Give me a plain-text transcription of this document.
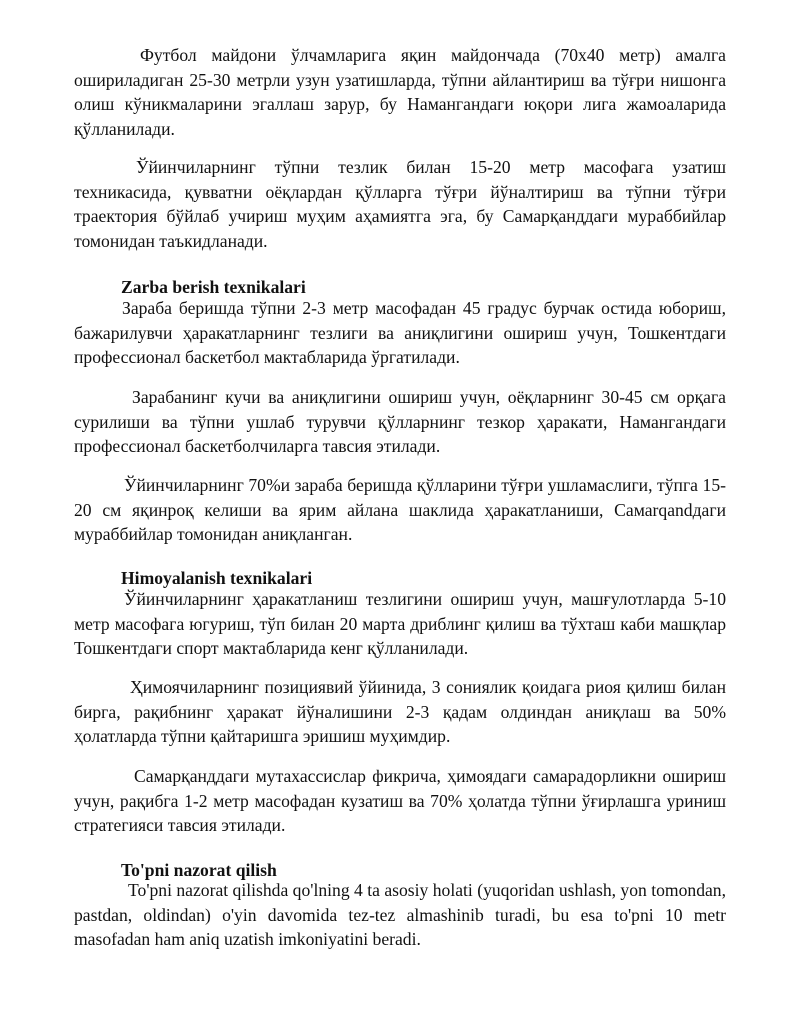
Футбол майдони ўлчамларига яқин майдончада (70х40 метр) амалга ошириладиган 25-30 метрли узун узатишларда, тўпни айлантириш ва тўғри нишонга олиш кўникмаларини эгаллаш зарур, бу Намангандаги юқори лига жамоаларида қўлланилади.

Ўйинчиларнинг тўпни тезлик билан 15-20 метр масофага узатиш техникасида, қувватни оёқлардан қўлларга тўғри йўналтириш ва тўпни тўғри траектория бўйлаб учириш муҳим аҳамиятга эга, бу Самарқанддаги мураббийлар томонидан таъкидланади.

Zarba berish texnikalari

Зараба беришда тўпни 2-3 метр масофадан 45 градус бурчак остида юбориш, бажарилувчи ҳаракатларнинг тезлиги ва аниқлигини ошириш учун, Тошкентдаги профессионал баскетбол мактабларида ўргатилади.

Зарабанинг кучи ва аниқлигини ошириш учун, оёқларнинг 30-45 см орқага сурилиши ва тўпни ушлаб турувчи қўлларнинг тезкор ҳаракати, Намангандаги профессионал баскетболчиларга тавсия этилади.

Ўйинчиларнинг 70%и зараба беришда қўлларини тўғри ушламаслиги, тўпга 15-20 см яқинроқ келиши ва ярим айлана шаклида ҳаракатланиши, Самаrqandдаги мураббийлар томонидан аниқланган.

Himoyalanish texnikalari

Ўйинчиларнинг ҳаракатланиш тезлигини ошириш учун, машғулотларда 5-10 метр масофага югуриш, тўп билан 20 марта дриблинг қилиш ва тўхташ каби машқлар Тошкентдаги спорт мактабларида кенг қўлланилади.

Ҳимоячиларнинг позициявий ўйинида, 3 сониялик қоидага риоя қилиш билан бирга, рақибнинг ҳаракат йўналишини 2-3 қадам олдиндан аниқлаш ва 50% ҳолатларда тўпни қайтаришга эришиш муҳимдир.

Самарқанддаги мутахассислар фикрича, ҳимоядаги самарадорликни ошириш учун, рақибга 1-2 метр масофадан кузатиш ва 70% ҳолатда тўпни ўғирлашга уриниш стратегияси тавсия этилади.

To'pni nazorat qilish

To'pni nazorat qilishda qo'lning 4 ta asosiy holati (yuqoridan ushlash, yon tomondan, pastdan, oldindan) o'yin davomida tez-tez almashinib turadi, bu esa to'pni 10 metr masofadan ham aniq uzatish imkoniyatini beradi.
